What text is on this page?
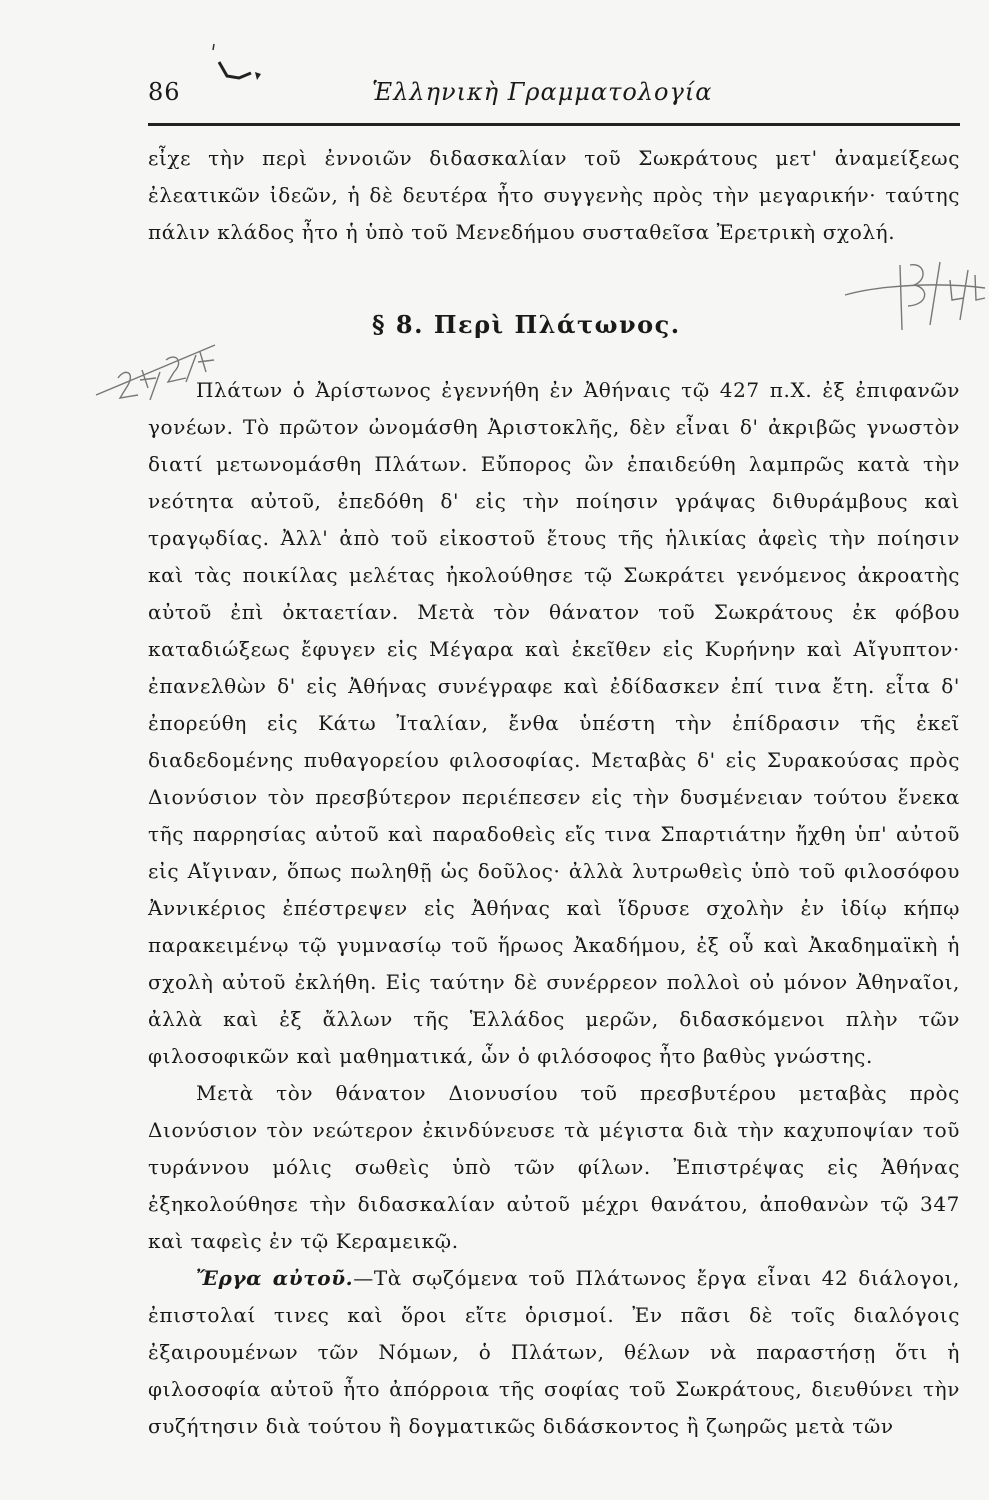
86	Ἑλληνικὴ Γραμματολογία

εἶχε τὴν περὶ ἐννοιῶν διδασκαλίαν τοῦ Σωκράτους μετ' ἀναμείξεως ἐλεατικῶν ἰδεῶν, ἡ δὲ δευτέρα ἦτο συγγενὴς πρὸς τὴν μεγαρικήν· ταύτης πάλιν κλάδος ἦτο ἡ ὑπὸ τοῦ Μενεδήμου συσταθεῖσα Ἐρετρικὴ σχολή.

§ 8. Περὶ Πλάτωνος.

Πλάτων ὁ Ἀρίστωνος ἐγεννήθη ἐν Ἀθήναις τῷ 427 π.Χ. ἐξ ἐπιφανῶν γονέων. Τὸ πρῶτον ὠνομάσθη Ἀριστοκλῆς, δὲν εἶναι δ' ἀκριβῶς γνωστὸν διατί μετωνομάσθη Πλάτων. Εὔπορος ὢν ἐπαιδεύθη λαμπρῶς κατὰ τὴν νεότητα αὐτοῦ, ἐπεδόθη δ' εἰς τὴν ποίησιν γράψας διθυράμβους καὶ τραγῳδίας. Ἀλλ' ἀπὸ τοῦ εἰκοστοῦ ἔτους τῆς ἡλικίας ἀφεὶς τὴν ποίησιν καὶ τὰς ποικίλας μελέτας ἠκολούθησε τῷ Σωκράτει γενόμενος ἀκροατὴς αὐτοῦ ἐπὶ ὀκταετίαν. Μετὰ τὸν θάνατον τοῦ Σωκράτους ἐκ φόβου καταδιώξεως ἔφυγεν εἰς Μέγαρα καὶ ἐκεῖθεν εἰς Κυρήνην καὶ Αἴγυπτον· ἐπανελθὼν δ' εἰς Ἀθήνας συνέγραφε καὶ ἐδίδασκεν ἐπί τινα ἔτη. εἶτα δ' ἐπορεύθη εἰς Κάτω Ἰταλίαν, ἔνθα ὑπέστη τὴν ἐπίδρασιν τῆς ἐκεῖ διαδεδομένης πυθαγορείου φιλοσοφίας. Μεταβὰς δ' εἰς Συρακούσας πρὸς Διονύσιον τὸν πρεσβύτερον περιέπεσεν εἰς τὴν δυσμένειαν τούτου ἕνεκα τῆς παρρησίας αὐτοῦ καὶ παραδοθεὶς εἴς τινα Σπαρτιάτην ἤχθη ὑπ' αὐτοῦ εἰς Αἴγιναν, ὅπως πωληθῇ ὡς δοῦλος· ἀλλὰ λυτρωθεὶς ὑπὸ τοῦ φιλοσόφου Ἀννικέριος ἐπέστρεψεν εἰς Ἀθήνας καὶ ἵδρυσε σχολὴν ἐν ἰδίῳ κήπῳ παρακειμένῳ τῷ γυμνασίῳ τοῦ ἥρωος Ἀκαδήμου, ἐξ οὗ καὶ Ἀκαδημαϊκὴ ἡ σχολὴ αὐτοῦ ἐκλήθη. Εἰς ταύτην δὲ συνέρρεον πολλοὶ οὐ μόνον Ἀθηναῖοι, ἀλλὰ καὶ ἐξ ἄλλων τῆς Ἑλλάδος μερῶν, διδασκόμενοι πλὴν τῶν φιλοσοφικῶν καὶ μαθηματικά, ὧν ὁ φιλόσοφος ἦτο βαθὺς γνώστης.

Μετὰ τὸν θάνατον Διονυσίου τοῦ πρεσβυτέρου μεταβὰς πρὸς Διονύσιον τὸν νεώτερον ἐκινδύνευσε τὰ μέγιστα διὰ τὴν καχυποψίαν τοῦ τυράννου μόλις σωθεὶς ὑπὸ τῶν φίλων. Ἐπιστρέψας εἰς Ἀθήνας ἐξηκολούθησε τὴν διδασκαλίαν αὐτοῦ μέχρι θανάτου, ἀποθανὼν τῷ 347 καὶ ταφεὶς ἐν τῷ Κεραμεικῷ.

Ἔργα αὐτοῦ.—Τὰ σῳζόμενα τοῦ Πλάτωνος ἔργα εἶναι 42 διάλογοι, ἐπιστολαί τινες καὶ ὅροι εἴτε ὁρισμοί. Ἐν πᾶσι δὲ τοῖς διαλόγοις ἐξαιρουμένων τῶν Νόμων, ὁ Πλάτων, θέλων νὰ παραστήσῃ ὅτι ἡ φιλοσοφία αὐτοῦ ἦτο ἀπόρροια τῆς σοφίας τοῦ Σωκράτους, διευθύνει τὴν συζήτησιν διὰ τούτου ἢ δογματικῶς διδάσκοντος ἢ ζωηρῶς μετὰ τῶν
